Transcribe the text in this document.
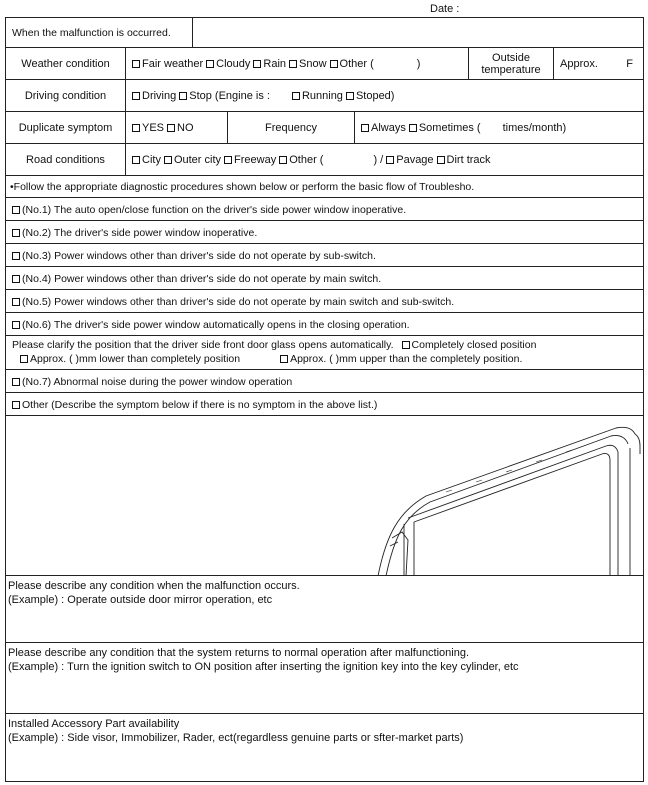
Date :
When the malfunction is occurred.
Weather condition	Fair weather	Cloudy	Rain	Snow	Other (	)	Outside temperature	Approx.	F
Driving condition	Driving	Stop (Engine is :	Running	Stoped)
Duplicate symptom	YES	NO	Frequency	Always	Sometimes ( times/month)
Road conditions	City	Outer city	Freeway	Other (	) /	Pavage	Dirt track
•Follow the appropriate diagnostic procedures shown below or perform the basic flow of Troublesho.
(No.1) The auto open/close function on the driver's side power window inoperative.
(No.2) The driver's side power window inoperative.
(No.3) Power windows other than driver's side do not operate by sub-switch.
(No.4) Power windows other than driver's side do not operate by main switch.
(No.5) Power windows other than driver's side do not operate by main switch and sub-switch.
(No.6) The driver's side power window automatically opens in the closing operation.
Please clarify the position that the driver side front door glass opens automatically.	Completely closed position
Approx. ( )mm lower than completely position	Approx. ( )mm upper than the completely position.
(No.7) Abnormal noise during the power window operation
Other (Describe the symptom below if there is no symptom in the above list.)
Please describe any condition when the malfunction occurs.
(Example) : Operate outside door mirror operation, etc
Please describe any condition that the system returns to normal operation after malfunctioning.
(Example) : Turn the ignition switch to ON position after inserting the ignition key into the key cylinder, etc
Installed Accessory Part availability
(Example) : Side visor, Immobilizer, Rader, ect(regardless genuine parts or sfter-market parts)
